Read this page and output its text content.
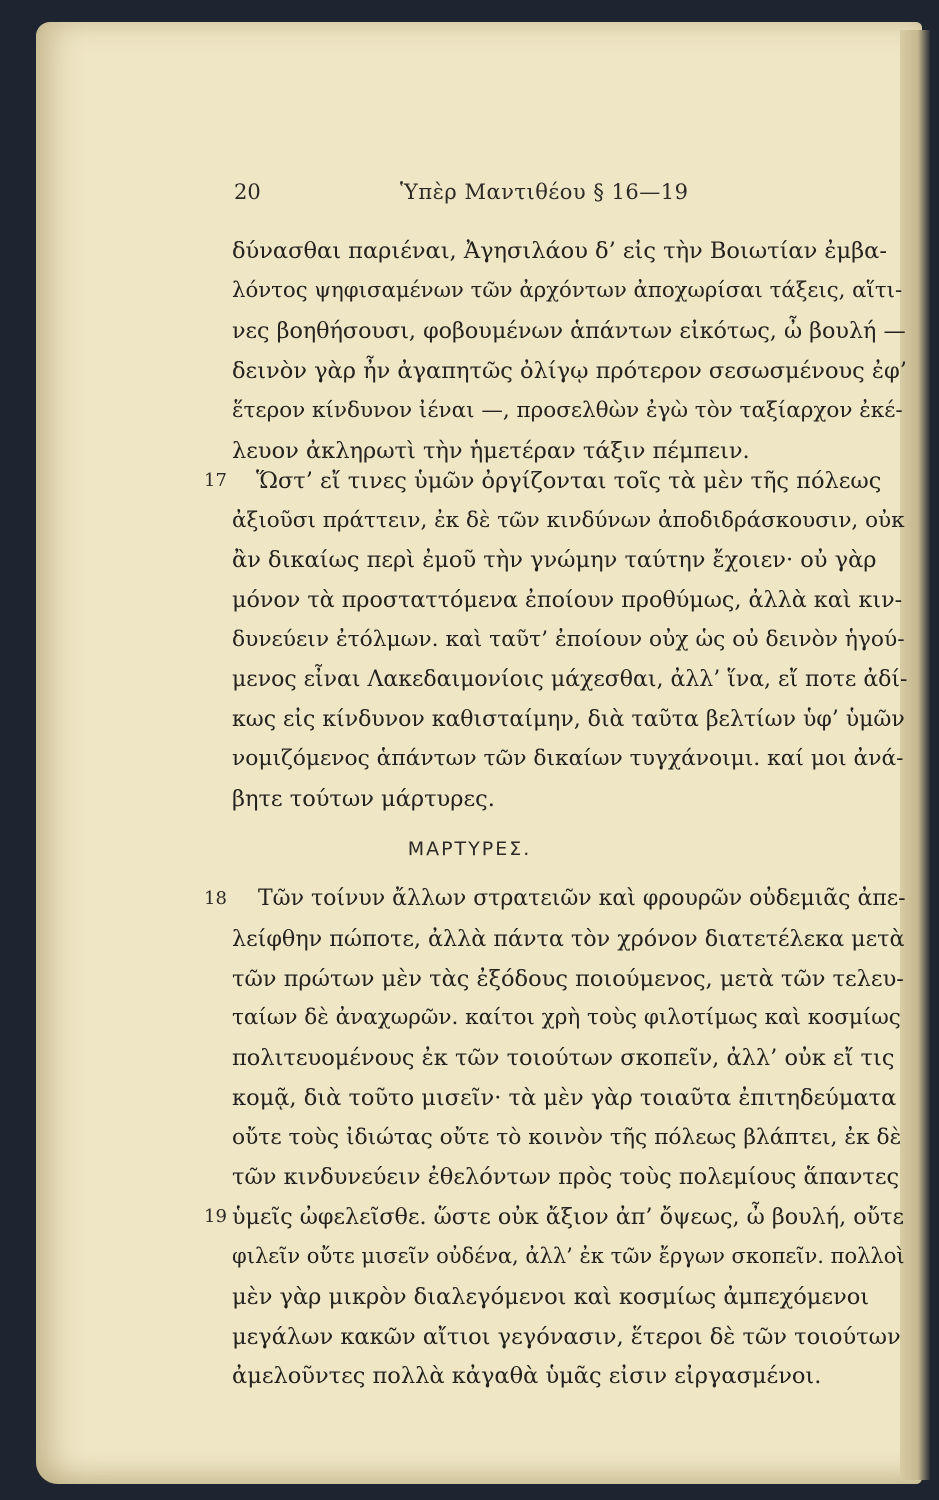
20	Ὑπὲρ Μαντιθέου § 16—19
δύνασθαι παριέναι, Ἀγησιλάου δ’ εἰς τὴν Βοιωτίαν ἐμβα-
λόντος ψηφισαμένων τῶν ἀρχόντων ἀποχωρίσαι τάξεις, αἵτι-
νες βοηθήσουσι, φοβουμένων ἁπάντων εἰκότως, ὦ βουλή —
δεινὸν γὰρ ἦν ἀγαπητῶς ὀλίγῳ πρότερον σεσωσμένους ἐφ’
ἕτερον κίνδυνον ἰέναι —, προσελθὼν ἐγὼ τὸν ταξίαρχον ἐκέ-
λευον ἀκληρωτὶ τὴν ἡμετέραν τάξιν πέμπειν.
17 Ὥστ’ εἴ τινες ὑμῶν ὀργίζονται τοῖς τὰ μὲν τῆς πόλεως
ἀξιοῦσι πράττειν, ἐκ δὲ τῶν κινδύνων ἀποδιδράσκουσιν, οὐκ
ἂν δικαίως περὶ ἐμοῦ τὴν γνώμην ταύτην ἔχοιεν· οὐ γὰρ
μόνον τὰ προσταττόμενα ἐποίουν προθύμως, ἀλλὰ καὶ κιν-
δυνεύειν ἐτόλμων. καὶ ταῦτ’ ἐποίουν οὐχ ὡς οὐ δεινὸν ἡγού-
μενος εἶναι Λακεδαιμονίοις μάχεσθαι, ἀλλ’ ἵνα, εἴ ποτε ἀδί-
κως εἰς κίνδυνον καθισταίμην, διὰ ταῦτα βελτίων ὑφ’ ὑμῶν
νομιζόμενος ἁπάντων τῶν δικαίων τυγχάνοιμι. καί μοι ἀνά-
βητε τούτων μάρτυρες.
ΜΑΡΤΥΡΕΣ.
18 Τῶν τοίνυν ἄλλων στρατειῶν καὶ φρουρῶν οὐδεμιᾶς ἀπε-
λείφθην πώποτε, ἀλλὰ πάντα τὸν χρόνον διατετέλεκα μετὰ
τῶν πρώτων μὲν τὰς ἐξόδους ποιούμενος, μετὰ τῶν τελευ-
ταίων δὲ ἀναχωρῶν. καίτοι χρὴ τοὺς φιλοτίμως καὶ κοσμίως
πολιτευομένους ἐκ τῶν τοιούτων σκοπεῖν, ἀλλ’ οὐκ εἴ τις
κομᾷ, διὰ τοῦτο μισεῖν· τὰ μὲν γὰρ τοιαῦτα ἐπιτηδεύματα
οὔτε τοὺς ἰδιώτας οὔτε τὸ κοινὸν τῆς πόλεως βλάπτει, ἐκ δὲ
τῶν κινδυνεύειν ἐθελόντων πρὸς τοὺς πολεμίους ἅπαντες
19 ὑμεῖς ὠφελεῖσθε. ὥστε οὐκ ἄξιον ἀπ’ ὄψεως, ὦ βουλή, οὔτε
φιλεῖν οὔτε μισεῖν οὐδένα, ἀλλ’ ἐκ τῶν ἔργων σκοπεῖν. πολλοὶ
μὲν γὰρ μικρὸν διαλεγόμενοι καὶ κοσμίως ἀμπεχόμενοι
μεγάλων κακῶν αἴτιοι γεγόνασιν, ἕτεροι δὲ τῶν τοιούτων
ἀμελοῦντες πολλὰ κἀγαθὰ ὑμᾶς εἰσιν εἰργασμένοι.
